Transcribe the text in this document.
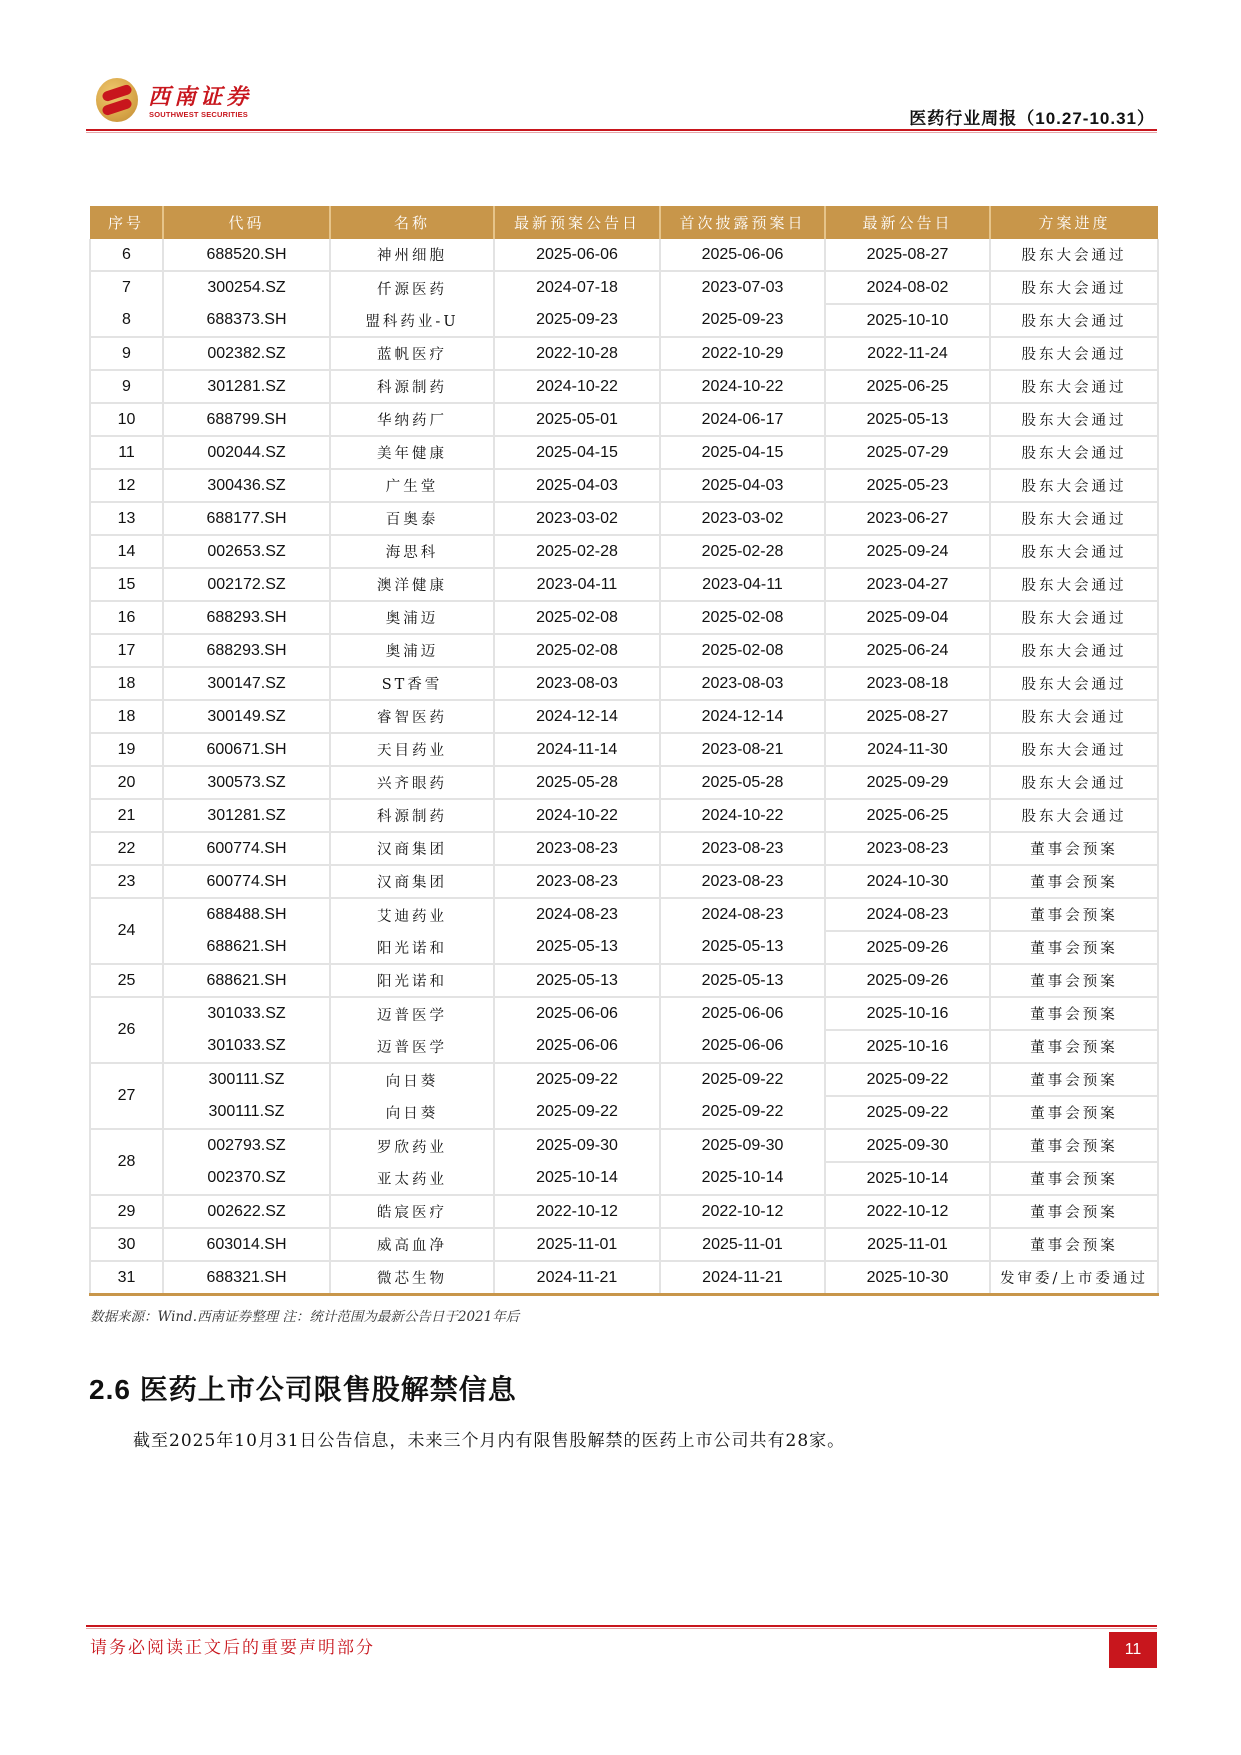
西南证券
SOUTHWEST SECURITIES	医药行业周报（10.27-10.31）
序号	代码	名称	最新预案公告日	首次披露预案日	最新公告日	方案进度
6	688520.SH	神州细胞	2025-06-06	2025-06-06	2025-08-27	股东大会通过
7	300254.SZ	仟源医药	2024-07-18	2023-07-03	2024-08-02	股东大会通过
8	688373.SH	盟科药业-U	2025-09-23	2025-09-23	2025-10-10	股东大会通过
9	002382.SZ	蓝帆医疗	2022-10-28	2022-10-29	2022-11-24	股东大会通过
9	301281.SZ	科源制药	2024-10-22	2024-10-22	2025-06-25	股东大会通过
10	688799.SH	华纳药厂	2025-05-01	2024-06-17	2025-05-13	股东大会通过
11	002044.SZ	美年健康	2025-04-15	2025-04-15	2025-07-29	股东大会通过
12	300436.SZ	广生堂	2025-04-03	2025-04-03	2025-05-23	股东大会通过
13	688177.SH	百奥泰	2023-03-02	2023-03-02	2023-06-27	股东大会通过
14	002653.SZ	海思科	2025-02-28	2025-02-28	2025-09-24	股东大会通过
15	002172.SZ	澳洋健康	2023-04-11	2023-04-11	2023-04-27	股东大会通过
16	688293.SH	奥浦迈	2025-02-08	2025-02-08	2025-09-04	股东大会通过
17	688293.SH	奥浦迈	2025-02-08	2025-02-08	2025-06-24	股东大会通过
18	300147.SZ	ST香雪	2023-08-03	2023-08-03	2023-08-18	股东大会通过
18	300149.SZ	睿智医药	2024-12-14	2024-12-14	2025-08-27	股东大会通过
19	600671.SH	天目药业	2024-11-14	2023-08-21	2024-11-30	股东大会通过
20	300573.SZ	兴齐眼药	2025-05-28	2025-05-28	2025-09-29	股东大会通过
21	301281.SZ	科源制药	2024-10-22	2024-10-22	2025-06-25	股东大会通过
22	600774.SH	汉商集团	2023-08-23	2023-08-23	2023-08-23	董事会预案
23	600774.SH	汉商集团	2023-08-23	2023-08-23	2024-10-30	董事会预案
24	688488.SH	艾迪药业	2024-08-23	2024-08-23	2024-08-23	董事会预案
	688621.SH	阳光诺和	2025-05-13	2025-05-13	2025-09-26	董事会预案
25	688621.SH	阳光诺和	2025-05-13	2025-05-13	2025-09-26	董事会预案
26	301033.SZ	迈普医学	2025-06-06	2025-06-06	2025-10-16	董事会预案
	301033.SZ	迈普医学	2025-06-06	2025-06-06	2025-10-16	董事会预案
27	300111.SZ	向日葵	2025-09-22	2025-09-22	2025-09-22	董事会预案
	300111.SZ	向日葵	2025-09-22	2025-09-22	2025-09-22	董事会预案
28	002793.SZ	罗欣药业	2025-09-30	2025-09-30	2025-09-30	董事会预案
	002370.SZ	亚太药业	2025-10-14	2025-10-14	2025-10-14	董事会预案
29	002622.SZ	皓宸医疗	2022-10-12	2022-10-12	2022-10-12	董事会预案
30	603014.SH	威高血净	2025-11-01	2025-11-01	2025-11-01	董事会预案
31	688321.SH	微芯生物	2024-11-21	2024-11-21	2025-10-30	发审委/上市委通过
数据来源：Wind.西南证券整理 注：统计范围为最新公告日于2021年后
2.6 医药上市公司限售股解禁信息
截至2025年10月31日公告信息，未来三个月内有限售股解禁的医药上市公司共有28家。
请务必阅读正文后的重要声明部分	11
